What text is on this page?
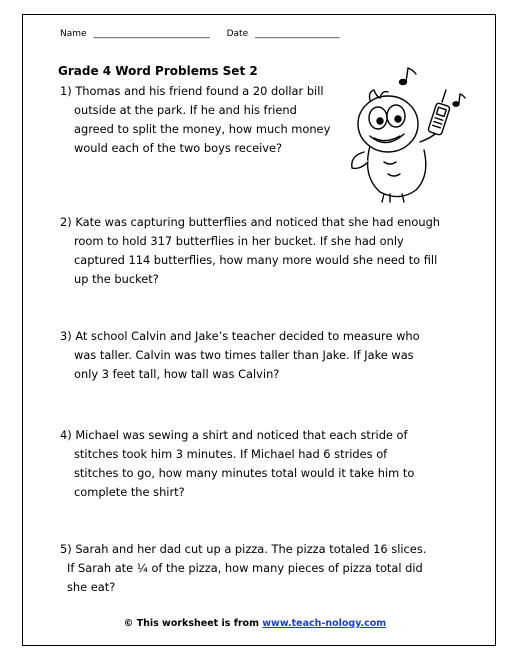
Name _____________________________ Date _____________________
Grade 4 Word Problems Set 2
1) Thomas and his friend found a 20 dollar bill
outside at the park. If he and his friend
agreed to split the money, how much money
would each of the two boys receive?
2) Kate was capturing butterflies and noticed that she had enough
room to hold 317 butterflies in her bucket. If she had only
captured 114 butterflies, how many more would she need to fill
up the bucket?
3) At school Calvin and Jake’s teacher decided to measure who
was taller. Calvin was two times taller than Jake. If Jake was
only 3 feet tall, how tall was Calvin?
4) Michael was sewing a shirt and noticed that each stride of
stitches took him 3 minutes. If Michael had 6 strides of
stitches to go, how many minutes total would it take him to
complete the shirt?
5) Sarah and her dad cut up a pizza. The pizza totaled 16 slices.
If Sarah ate ¼ of the pizza, how many pieces of pizza total did
she eat?
© This worksheet is from www.teach-nology.com
